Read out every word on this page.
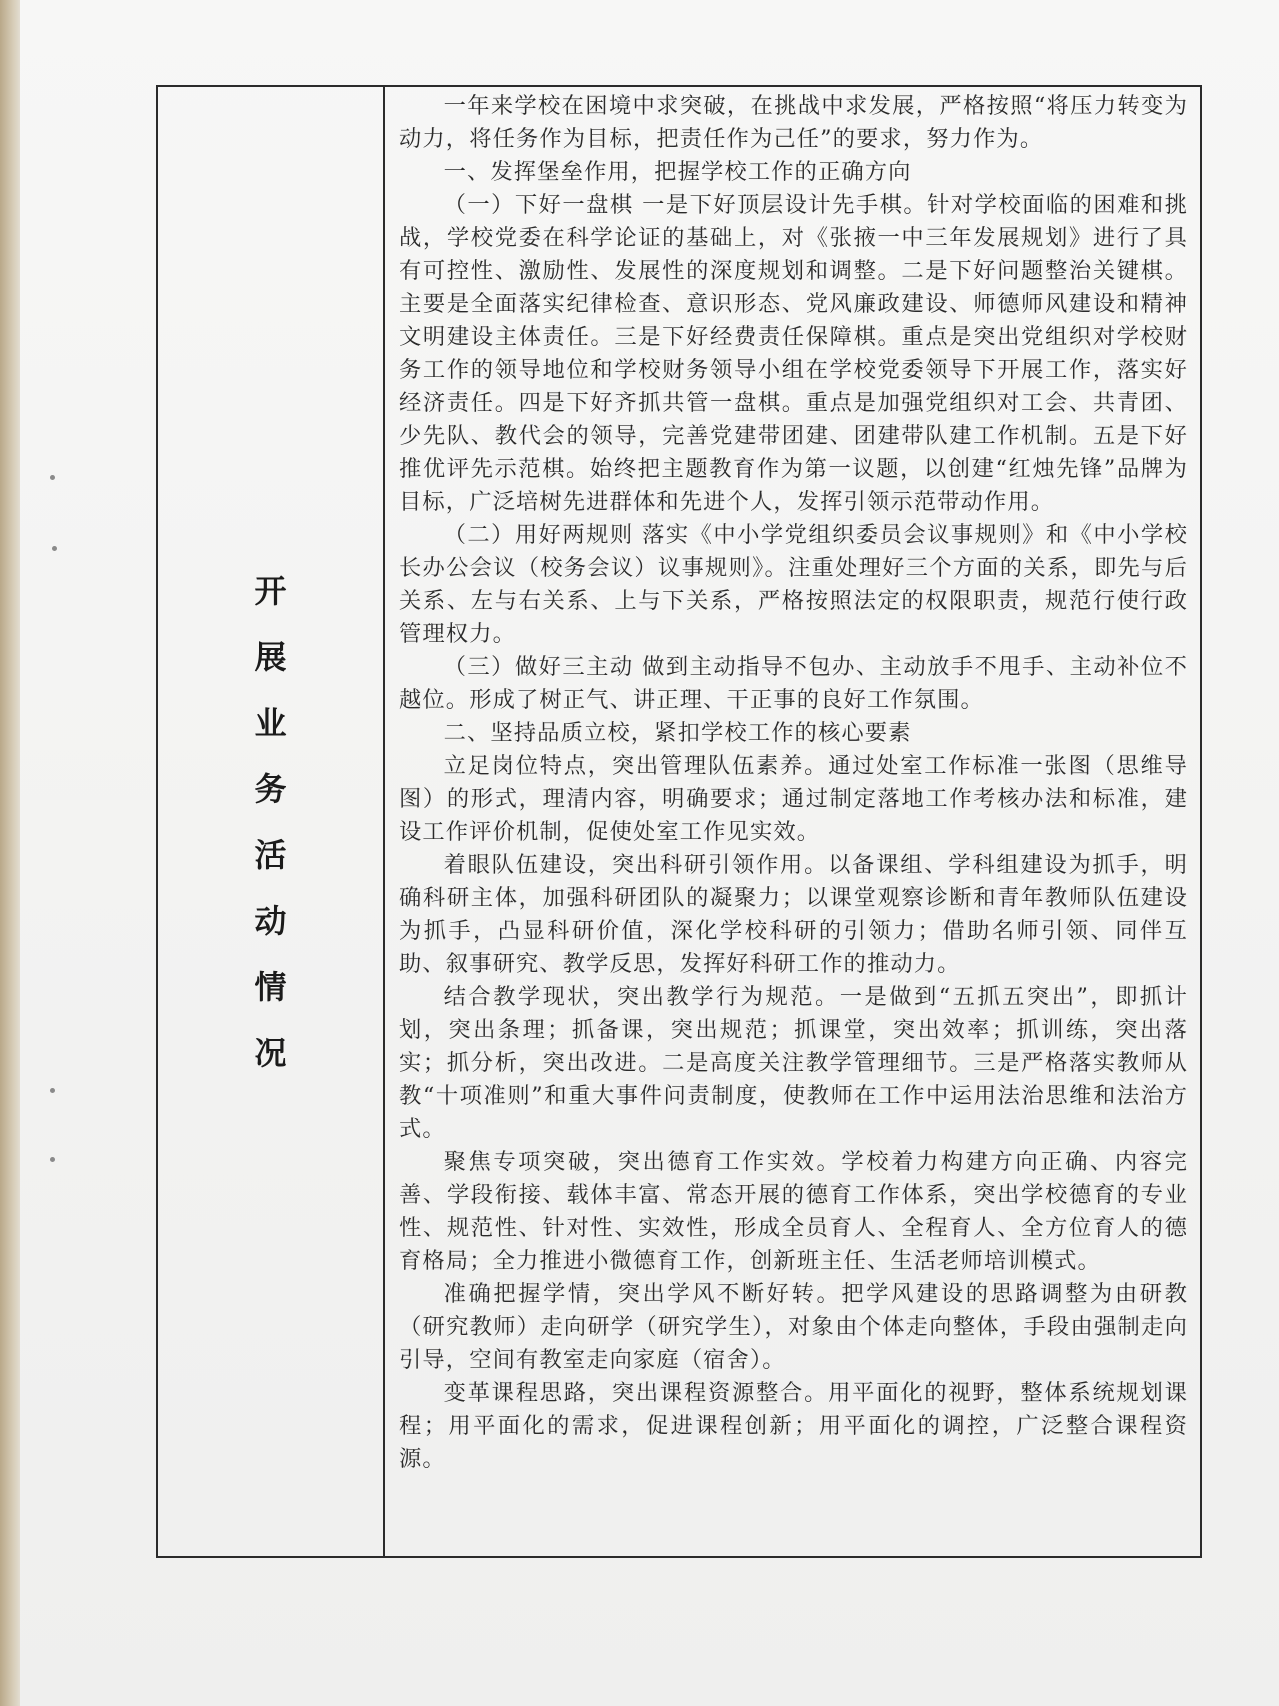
开
展
业
务
活
动
情
况

一年来学校在困境中求突破，在挑战中求发展，严格按照“将压力转变为动力，将任务作为目标，把责任作为己任”的要求，努力作为。

一、发挥堡垒作用，把握学校工作的正确方向

（一）下好一盘棋 一是下好顶层设计先手棋。针对学校面临的困难和挑战，学校党委在科学论证的基础上，对《张掖一中三年发展规划》进行了具有可控性、激励性、发展性的深度规划和调整。二是下好问题整治关键棋。主要是全面落实纪律检查、意识形态、党风廉政建设、师德师风建设和精神文明建设主体责任。三是下好经费责任保障棋。重点是突出党组织对学校财务工作的领导地位和学校财务领导小组在学校党委领导下开展工作，落实好经济责任。四是下好齐抓共管一盘棋。重点是加强党组织对工会、共青团、少先队、教代会的领导，完善党建带团建、团建带队建工作机制。五是下好推优评先示范棋。始终把主题教育作为第一议题，以创建“红烛先锋”品牌为目标，广泛培树先进群体和先进个人，发挥引领示范带动作用。

（二）用好两规则 落实《中小学党组织委员会议事规则》和《中小学校长办公会议（校务会议）议事规则》。注重处理好三个方面的关系，即先与后关系、左与右关系、上与下关系，严格按照法定的权限职责，规范行使行政管理权力。

（三）做好三主动 做到主动指导不包办、主动放手不甩手、主动补位不越位。形成了树正气、讲正理、干正事的良好工作氛围。

二、坚持品质立校，紧扣学校工作的核心要素

立足岗位特点，突出管理队伍素养。通过处室工作标准一张图（思维导图）的形式，理清内容，明确要求；通过制定落地工作考核办法和标准，建设工作评价机制，促使处室工作见实效。

着眼队伍建设，突出科研引领作用。以备课组、学科组建设为抓手，明确科研主体，加强科研团队的凝聚力；以课堂观察诊断和青年教师队伍建设为抓手，凸显科研价值，深化学校科研的引领力；借助名师引领、同伴互助、叙事研究、教学反思，发挥好科研工作的推动力。

结合教学现状，突出教学行为规范。一是做到“五抓五突出”，即抓计划，突出条理；抓备课，突出规范；抓课堂，突出效率；抓训练，突出落实；抓分析，突出改进。二是高度关注教学管理细节。三是严格落实教师从教“十项准则”和重大事件问责制度，使教师在工作中运用法治思维和法治方式。

聚焦专项突破，突出德育工作实效。学校着力构建方向正确、内容完善、学段衔接、载体丰富、常态开展的德育工作体系，突出学校德育的专业性、规范性、针对性、实效性，形成全员育人、全程育人、全方位育人的德育格局；全力推进小微德育工作，创新班主任、生活老师培训模式。

准确把握学情，突出学风不断好转。把学风建设的思路调整为由研教（研究教师）走向研学（研究学生），对象由个体走向整体，手段由强制走向引导，空间有教室走向家庭（宿舍）。

变革课程思路，突出课程资源整合。用平面化的视野，整体系统规划课程；用平面化的需求，促进课程创新；用平面化的调控，广泛整合课程资源。
